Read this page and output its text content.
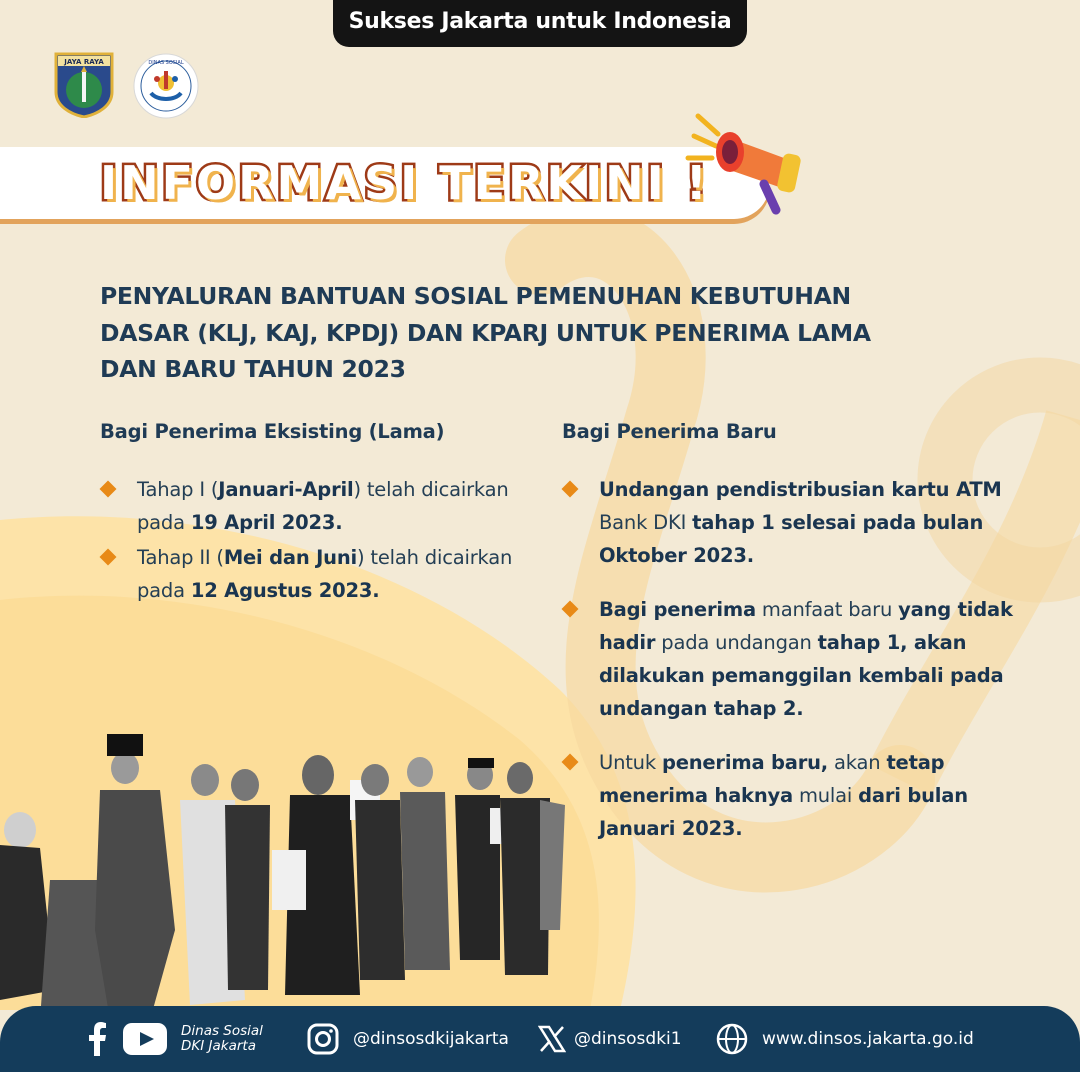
Sukses Jakarta untuk Indonesia
JAYA RAYA	DINAS SOSIAL
INFORMASI TERKINI !

PENYALURAN BANTUAN SOSIAL PEMENUHAN KEBUTUHAN DASAR (KLJ, KAJ, KPDJ) DAN KPARJ UNTUK PENERIMA LAMA DAN BARU TAHUN 2023

Bagi Penerima Eksisting (Lama)
Tahap I (Januari-April) telah dicairkan pada 19 April 2023.
Tahap II (Mei dan Juni) telah dicairkan pada 12 Agustus 2023.
Bagi Penerima Baru
Undangan pendistribusian kartu ATM Bank DKI tahap 1 selesai pada bulan Oktober 2023.
Bagi penerima manfaat baru yang tidak hadir pada undangan tahap 1, akan dilakukan pemanggilan kembali pada undangan tahap 2.
Untuk penerima baru, akan tetap menerima haknya mulai dari bulan Januari 2023.
Dinas Sosial
DKI Jakarta	@dinsosdkijakarta	@dinsosdki1	www.dinsos.jakarta.go.id
